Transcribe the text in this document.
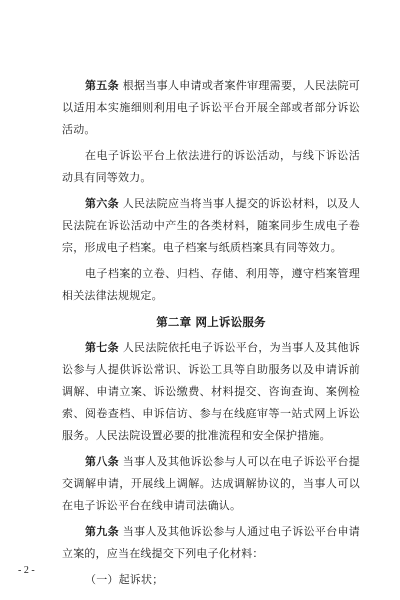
第五条 根据当事人申请或者案件审理需要，人民法院可以适用本实施细则利用电子诉讼平台开展全部或者部分诉讼活动。

在电子诉讼平台上依法进行的诉讼活动，与线下诉讼活动具有同等效力。

第六条 人民法院应当将当事人提交的诉讼材料，以及人民法院在诉讼活动中产生的各类材料，随案同步生成电子卷宗，形成电子档案。电子档案与纸质档案具有同等效力。

电子档案的立卷、归档、存储、利用等，遵守档案管理相关法律法规规定。

第二章 网上诉讼服务

第七条 人民法院依托电子诉讼平台，为当事人及其他诉讼参与人提供诉讼常识、诉讼工具等自助服务以及申请诉前调解、申请立案、诉讼缴费、材料提交、咨询查询、案例检索、阅卷查档、申诉信访、参与在线庭审等一站式网上诉讼服务。人民法院设置必要的批准流程和安全保护措施。

第八条 当事人及其他诉讼参与人可以在电子诉讼平台提交调解申请，开展线上调解。达成调解协议的，当事人可以在电子诉讼平台在线申请司法确认。

第九条 当事人及其他诉讼参与人通过电子诉讼平台申请立案的，应当在线提交下列电子化材料：

（一）起诉状；

- 2 -
